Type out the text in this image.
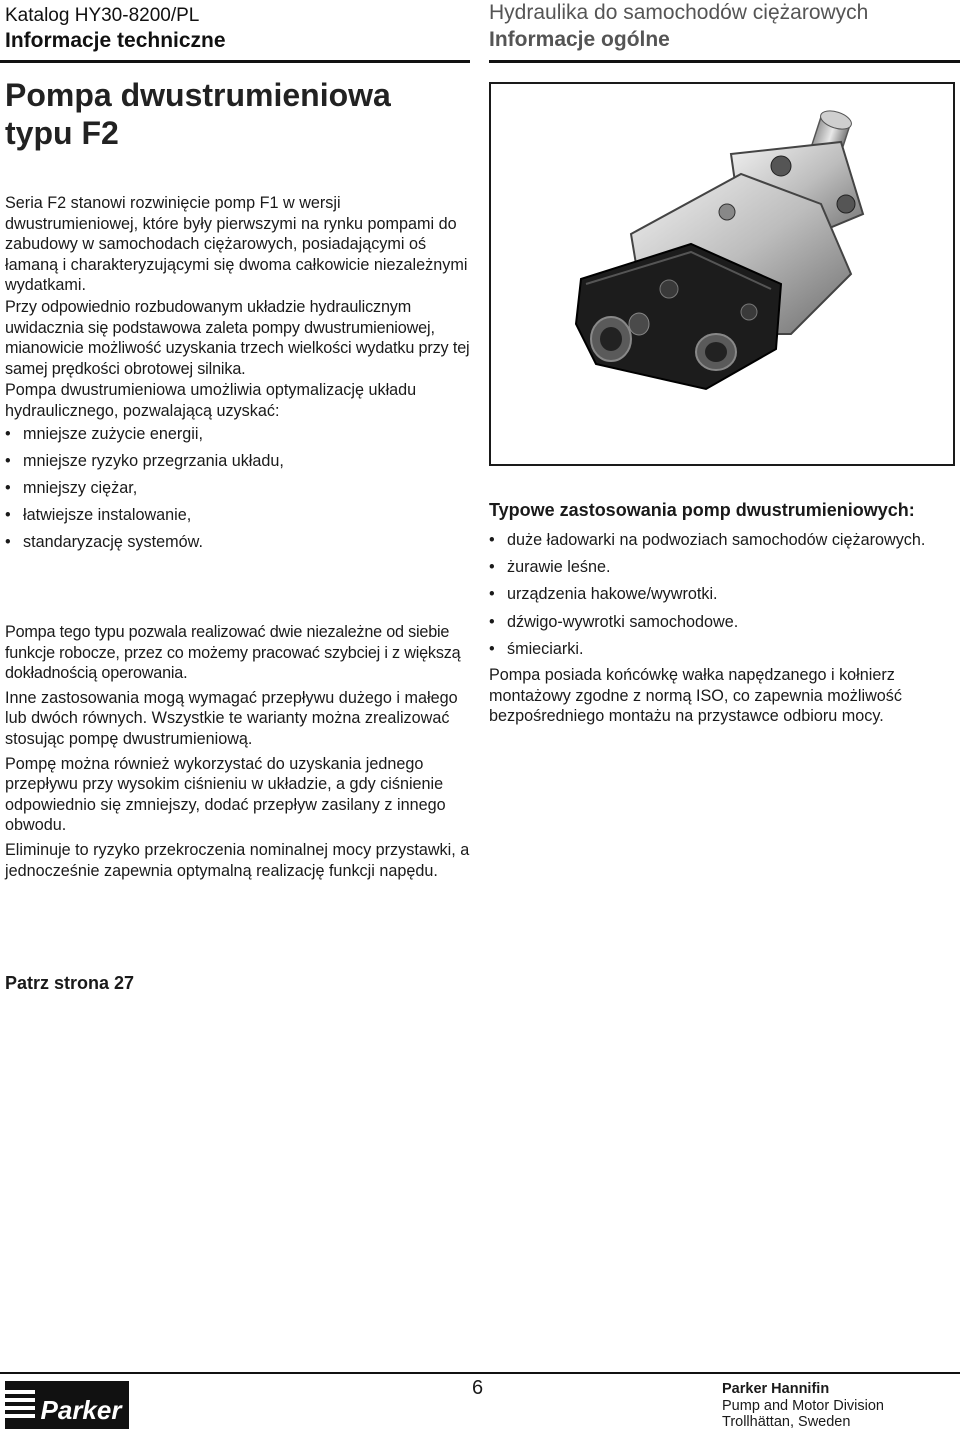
Katalog HY30-8200/PL
Informacje techniczne
Hydraulika do samochodów ciężarowych
Informacje ogólne
Pompa dwustrumieniowa
typu F2

Seria F2 stanowi rozwinięcie pomp F1 w wersji dwustrumieniowej, które były pierwszymi na rynku pompami do zabudowy w samochodach ciężarowych, posiadającymi oś łamaną i charakteryzującymi się dwoma całkowicie niezależnymi wydatkami.

Przy odpowiednio rozbudowanym układzie hydraulicznym uwidacznia się podstawowa zaleta pompy dwustrumieniowej, mianowicie możliwość uzyskania trzech wielkości wydatku przy tej samej prędkości obrotowej silnika.

Pompa dwustrumieniowa umożliwia optymalizację układu hydraulicznego, pozwalającą uzyskać:

• mniejsze zużycie energii,
• mniejsze ryzyko przegrzania układu,
• mniejszy ciężar,
• łatwiejsze instalowanie,
• standaryzację systemów.

Pompa tego typu pozwala realizować dwie niezależne od siebie funkcje robocze, przez co możemy pracować szybciej i z większą dokładnością operowania.

Inne zastosowania mogą wymagać przepływu dużego i małego lub dwóch równych. Wszystkie te warianty można zrealizować stosując pompę dwustrumieniową.

Pompę można również wykorzystać do uzyskania jednego przepływu przy wysokim ciśnieniu w układzie, a gdy ciśnienie odpowiednio się zmniejszy, dodać przepływ zasilany z innego obwodu.

Eliminuje to ryzyko przekroczenia nominalnej mocy przystawki, a jednocześnie zapewnia optymalną realizację funkcji napędu.

Patrz strona 27
Typowe zastosowania pomp dwustrumieniowych:
• duże ładowarki na podwoziach samochodów ciężarowych.
• żurawie leśne.
• urządzenia hakowe/wywrotki.
• dźwigo-wywrotki samochodowe.
• śmieciarki.

Pompa posiada końcówkę wałka napędzanego i kołnierz montażowy zgodne z normą ISO, co zapewnia możliwość bezpośredniego montażu na przystawce odbioru mocy.

Parker
6	Parker Hannifin
Pump and Motor Division
Trollhättan, Sweden
